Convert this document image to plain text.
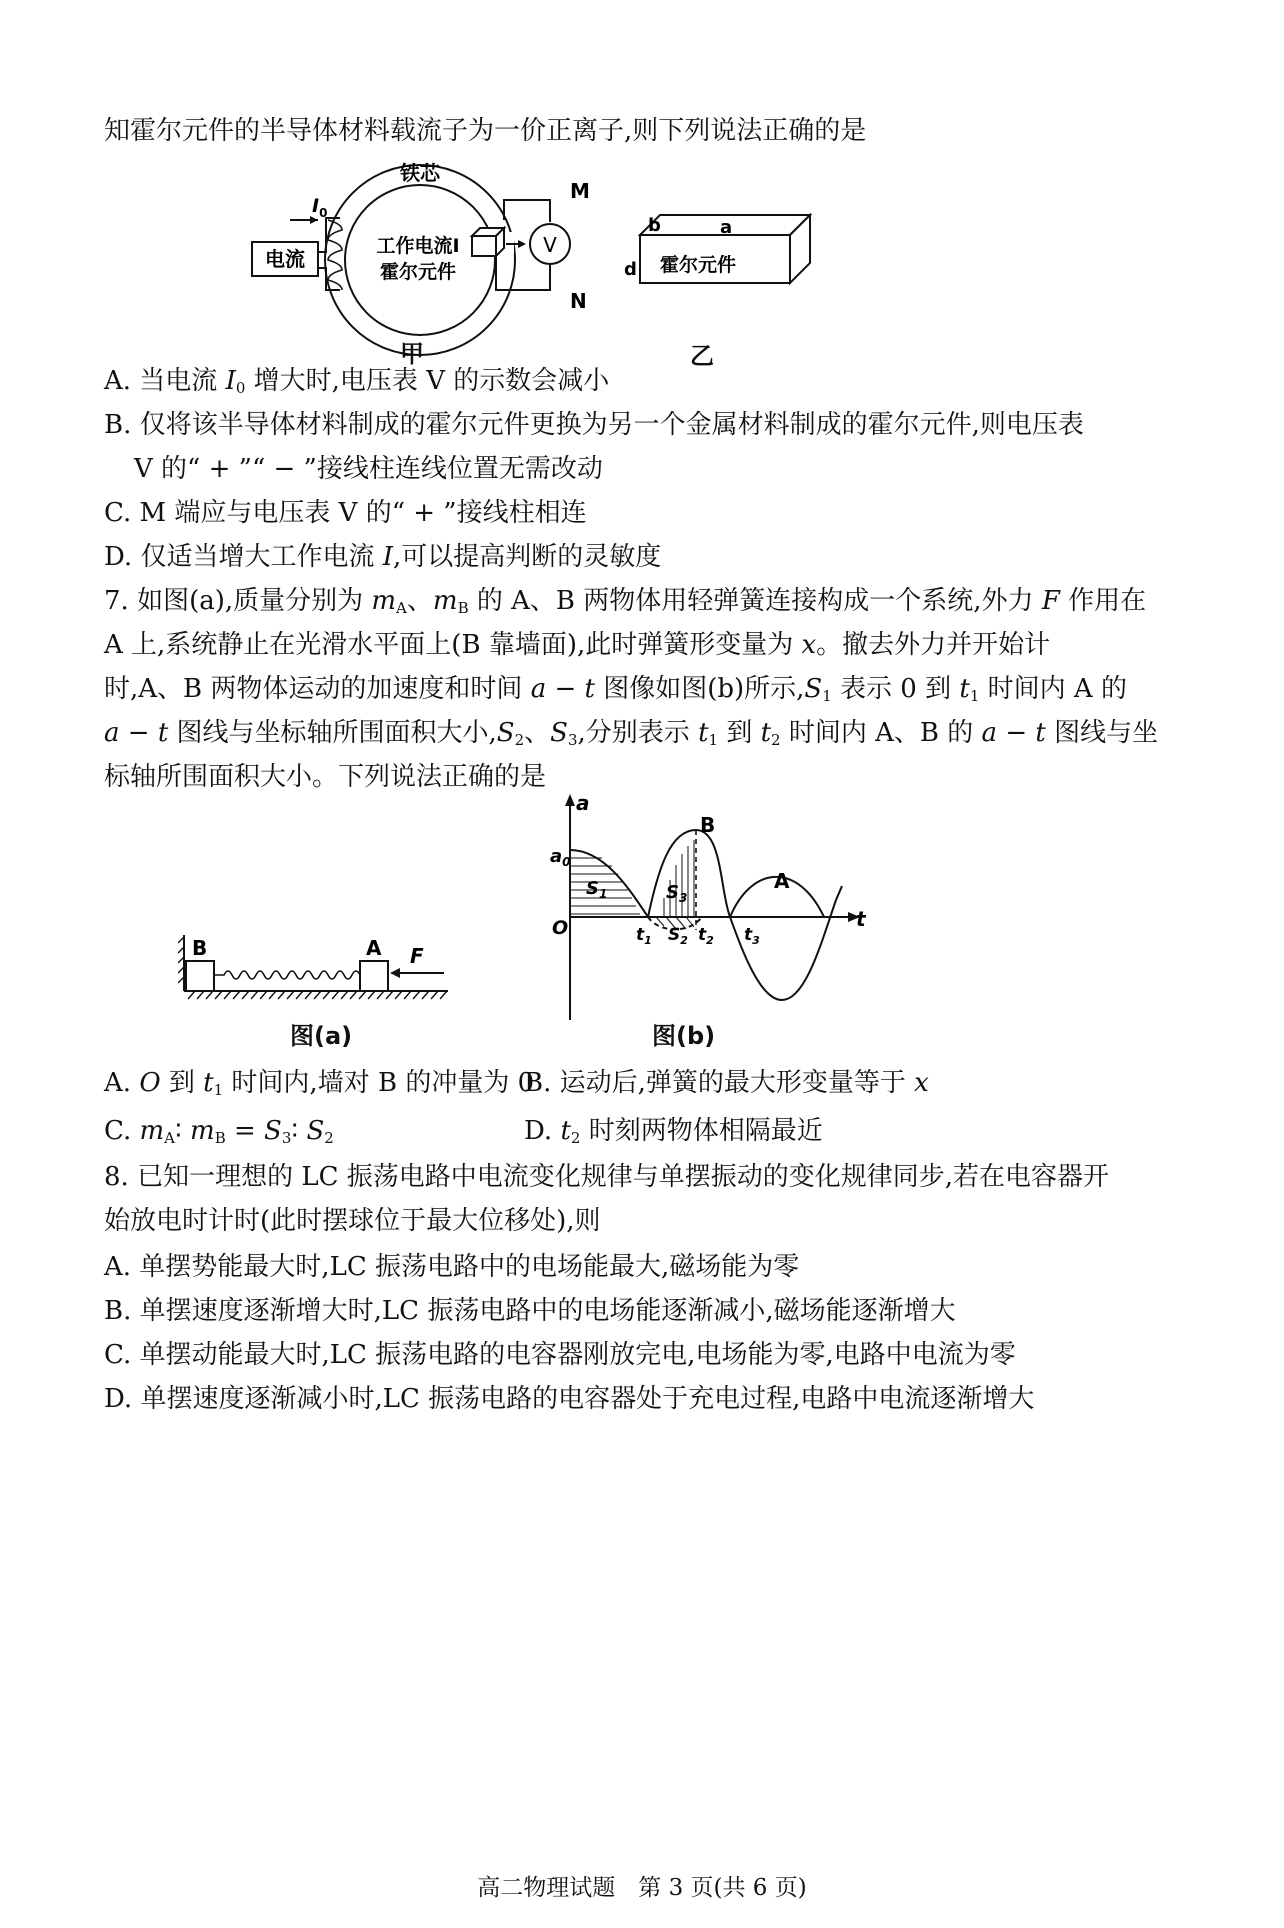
知霍尔元件的半导体材料载流子为一价正离子,则下列说法正确的是
V
铁芯
电流
$I_0$
工作电流I
霍尔元件
M
N
甲
b	a
d 霍尔元件
乙
A. 当电流 $I_0$ 增大时,电压表 V 的示数会减小
B. 仅将该半导体材料制成的霍尔元件更换为另一个金属材料制成的霍尔元件,则电压表
V 的“ + ”“ − ”接线柱连线位置无需改动
C. M 端应与电压表 V 的“ + ”接线柱相连
D. 仅适当增大工作电流 I,可以提高判断的灵敏度
7. 如图(a),质量分别为 $m_A$、$m_B$ 的 A、B 两物体用轻弹簧连接构成一个系统,外力 F 作用在
A 上,系统静止在光滑水平面上(B 靠墙面),此时弹簧形变量为 x。撤去外力并开始计
时,A、B 两物体运动的加速度和时间 a − t 图像如图(b)所示$,S_1$ 表示 0 到 $t_1$ 时间内 A 的
a − t 图线与坐标轴所围面积大小$,S_2$、$S_3$,分别表示 $t_1$ 到 $t_2$ 时间内 A、B 的 a − t 图线与坐
标轴所围面积大小。下列说法正确的是
B	A F
图(a)
a
t
$a_0$
O
$S_1$	$S_3$
$S_2$
$t_1$	$t_2$ $t_3$
B
A
图(b)
A. O 到 $t_1$ 时间内,墙对 B 的冲量为 0
B. 运动后,弹簧的最大形变量等于 x
C. $m_A∶$ $m_B$ = $S_3∶$ $S_2$	D. $t_2$ 时刻两物体相隔最近
8. 已知一理想的 LC 振荡电路中电流变化规律与单摆振动的变化规律同步,若在电容器开
始放电时计时(此时摆球位于最大位移处),则
A. 单摆势能最大时,LC 振荡电路中的电场能最大,磁场能为零
B. 单摆速度逐渐增大时,LC 振荡电路中的电场能逐渐减小,磁场能逐渐增大
C. 单摆动能最大时,LC 振荡电路的电容器刚放完电,电场能为零,电路中电流为零
D. 单摆速度逐渐减小时,LC 振荡电路的电容器处于充电过程,电路中电流逐渐增大
高二物理试题　第 3 页(共 6 页)
